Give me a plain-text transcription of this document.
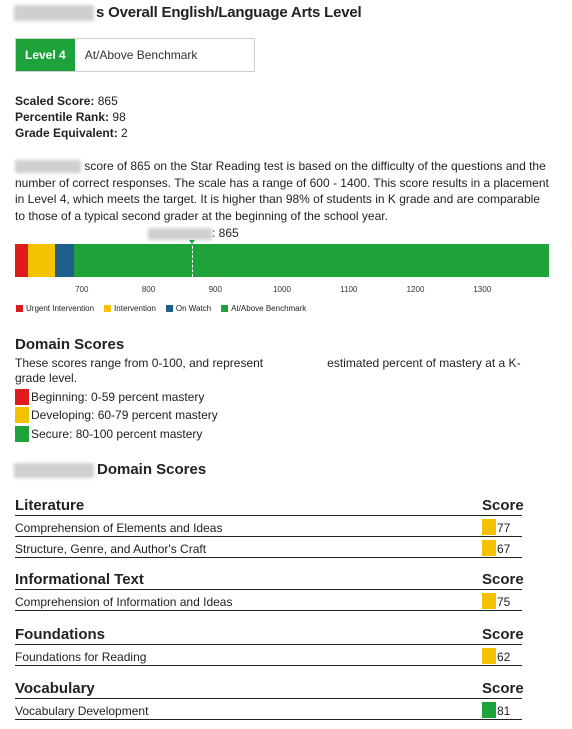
s Overall English/Language Arts Level
Level 4	At/Above Benchmark
Scaled Score: 865
Percentile Rank: 98
Grade Equivalent: 2
score of 865 on the Star Reading test is based on the difficulty of the questions and the number of correct responses. The scale has a range of 600 - 1400. This score results in a placement in Level 4, which meets the target. It is higher than 98% of students in K grade and are comparable to those of a typical second grader at the beginning of the school year.
: 865
700	800	900	1000	1100	1200	1300
Urgent Intervention	Intervention	On Watch	At/Above Benchmark
Domain Scores
These scores range from 0-100, and represent	estimated percent of mastery at a K-grade level.
Beginning: 0-59 percent mastery
Developing: 60-79 percent mastery
Secure: 80-100 percent mastery
Domain Scores
Literature	Score
Comprehension of Elements and Ideas	77
Structure, Genre, and Author's Craft	67
Informational Text	Score
Comprehension of Information and Ideas	75
Foundations	Score
Foundations for Reading	62
Vocabulary	Score
Vocabulary Development	81
